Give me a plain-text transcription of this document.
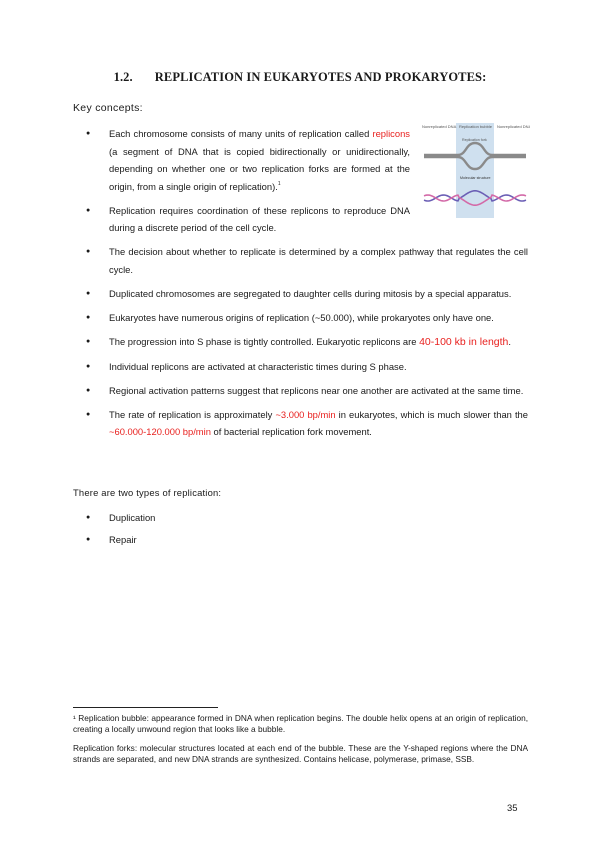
1.2. REPLICATION IN EUKARYOTES AND PROKARYOTES:
Key concepts:
● Each chromosome consists of many units of replication called replicons (a segment of DNA that is copied bidirectionally or unidirectionally, depending on whether one or two replication forks are formed at the origin, from a single origin of replication).$^1$
● Replication requires coordination of these replicons to reproduce DNA during a discrete period of the cell cycle.
● The decision about whether to replicate is determined by a complex pathway that regulates the cell cycle.
● Duplicated chromosomes are segregated to daughter cells during mitosis by a special apparatus.
● Eukaryotes have numerous origins of replication (~50.000), while prokaryotes only have one.
● The progression into S phase is tightly controlled. Eukaryotic replicons are 40-100 kb in length.
● Individual replicons are activated at characteristic times during S phase.
● Regional activation patterns suggest that replicons near one another are activated at the same time.
● The rate of replication is approximately ~3.000 bp/min in eukaryotes, which is much slower than the ~60.000-120.000 bp/min of bacterial replication fork movement.
Nonreplicated DNA Replication bubble Nonreplicated DNA
Replication fork
Molecular structure
There are two types of replication:
● Duplication
● Repair
¹ Replication bubble: appearance formed in DNA when replication begins. The double helix opens at an origin of replication, creating a locally unwound region that looks like a bubble.
Replication forks: molecular structures located at each end of the bubble. These are the Y-shaped regions where the DNA strands are separated, and new DNA strands are synthesized. Contains helicase, polymerase, primase, SSB.
35
